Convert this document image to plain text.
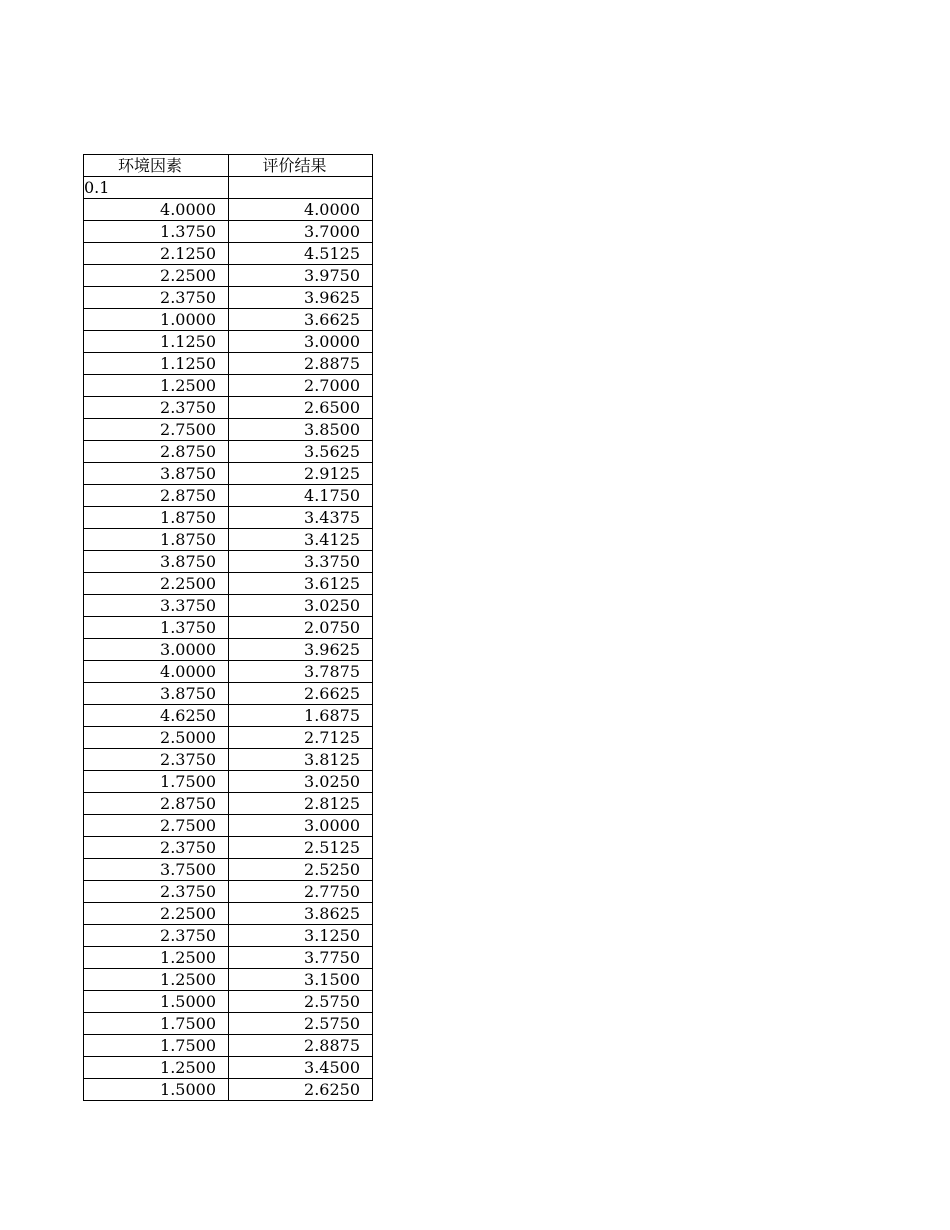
环境因素	评价结果
0.1	
4.0000	4.0000
1.3750	3.7000
2.1250	4.5125
2.2500	3.9750
2.3750	3.9625
1.0000	3.6625
1.1250	3.0000
1.1250	2.8875
1.2500	2.7000
2.3750	2.6500
2.7500	3.8500
2.8750	3.5625
3.8750	2.9125
2.8750	4.1750
1.8750	3.4375
1.8750	3.4125
3.8750	3.3750
2.2500	3.6125
3.3750	3.0250
1.3750	2.0750
3.0000	3.9625
4.0000	3.7875
3.8750	2.6625
4.6250	1.6875
2.5000	2.7125
2.3750	3.8125
1.7500	3.0250
2.8750	2.8125
2.7500	3.0000
2.3750	2.5125
3.7500	2.5250
2.3750	2.7750
2.2500	3.8625
2.3750	3.1250
1.2500	3.7750
1.2500	3.1500
1.5000	2.5750
1.7500	2.5750
1.7500	2.8875
1.2500	3.4500
1.5000	2.6250
